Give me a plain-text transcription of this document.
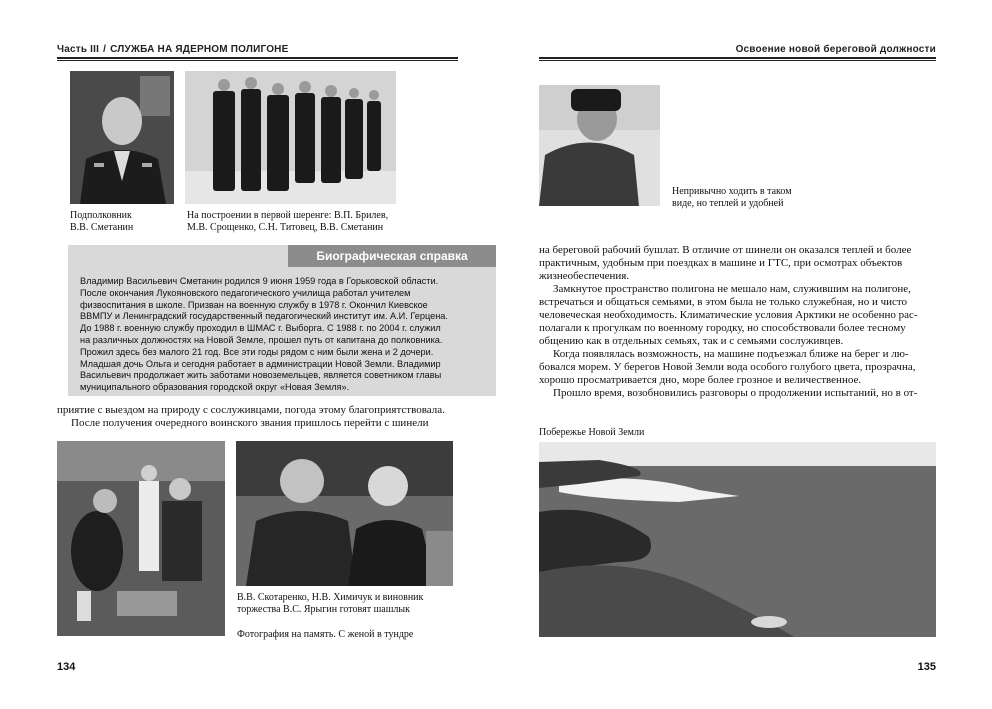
Часть III / СЛУЖБА НА ЯДЕРНОМ ПОЛИГОНЕ
Подполковник
В.В. Сметанин
На построении в первой шеренге: В.П. Брилев,
М.В. Срощенко, С.Н. Титовец, В.В. Сметанин
Биографическая справка
Владимир Васильевич Сметанин родился 9 июня 1959 года в Горьковской области.
После окончания Лукояновского педагогического училища работал учителем
физвоспитания в школе. Призван на военную службу в 1978 г. Окончил Киевское
ВВМПУ и Ленинградский государственный педагогический институт им. А.И. Герцена.
До 1988 г. военную службу проходил в ШМАС г. Выборга. С 1988 г. по 2004 г. служил
на различных должностях на Новой Земле, прошел путь от капитана до полковника.
Прожил здесь без малого 21 год. Все эти годы рядом с ним были жена и 2 дочери.
Младшая дочь Ольга и сегодня работает в администрации Новой Земли. Владимир
Васильевич продолжает жить заботами новоземельцев, является советником главы
муниципального образования городской округ «Новая Земля».
приятие с выездом на природу с сослуживцами, погода этому благоприятствовала.
После получения очередного воинского звания пришлось перейти с шинели
В.В. Скотаренко, Н.В. Химичук и виновник
торжества В.С. Ярыгин готовят шашлык
Фотография на память. С женой в тундре
134
Освоение новой береговой должности
Непривычно ходить в таком
виде, но теплей и удобней
на береговой рабочий бушлат. В отличие от шинели он оказался теплей и более
практичным, удобным при поездках в машине и ГТС, при осмотрах объектов
жизнеобеспечения.
Замкнутое пространство полигона не мешало нам, служившим на полигоне,
встречаться и общаться семьями, в этом была не только служебная, но и чисто
человеческая необходимость. Климатические условия Арктики не особенно рас-
полагали к прогулкам по военному городку, но способствовали более тесному
общению как в отдельных семьях, так и с семьями сослуживцев.
Когда появлялась возможность, на машине подъезжал ближе на берег и лю-
бовался морем. У берегов Новой Земли вода особого голубого цвета, прозрачна,
хорошо просматривается дно, море более грозное и величественное.
Прошло время, возобновились разговоры о продолжении испытаний, но в от-
Побережье Новой Земли
135
